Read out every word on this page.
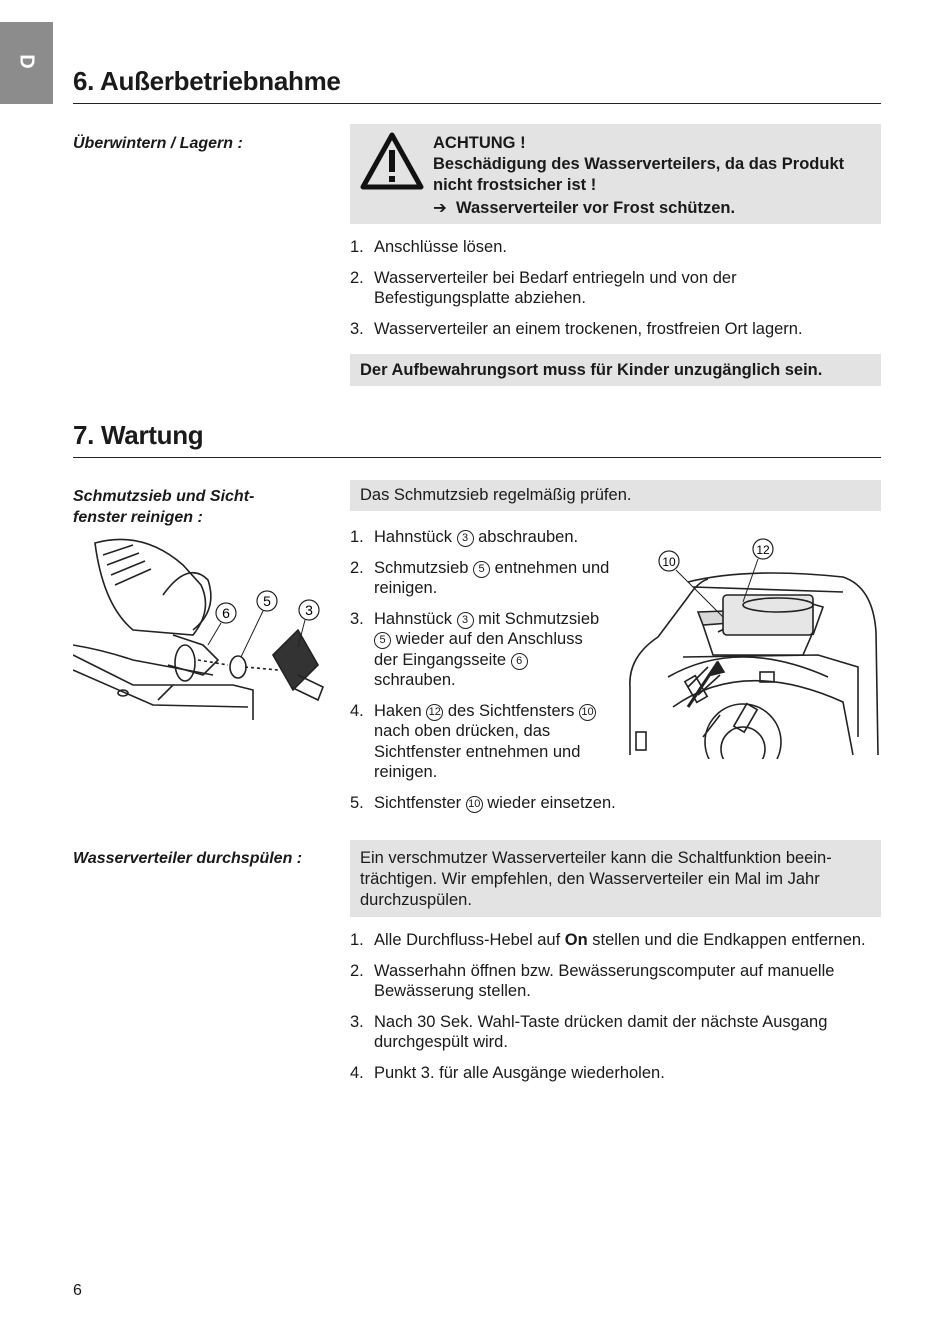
D
6. Außerbetriebnahme
Überwintern / Lagern :	ACHTUNG !
Beschädigung des Wasserverteilers, da das Produkt nicht frostsicher ist !
➔ Wasserverteiler vor Frost schützen.
1. Anschlüsse lösen.
2. Wasserverteiler bei Bedarf entriegeln und von der Befestigungsplatte abziehen.
3. Wasserverteiler an einem trockenen, frostfreien Ort lagern.
Der Aufbewahrungsort muss für Kinder unzugänglich sein.
7. Wartung
Schmutzsieb und Sicht-
fenster reinigen :
Das Schmutzsieb regelmäßig prüfen.
6
5
3
1. Hahnstück 3 abschrauben.
2. Schmutzsieb 5 entnehmen und reinigen.
3. Hahnstück 3 mit Schmutzsieb 5 wieder auf den Anschluss der Eingangsseite 6 schrauben.
4. Haken 12 des Sichtfensters 10 nach oben drücken, das Sichtfenster entnehmen und reinigen.
5. Sichtfenster 10 wieder einsetzen.
10
12
Wasserverteiler durchspülen :	Ein verschmutzer Wasserverteiler kann die Schaltfunktion beeinträchtigen. Wir empfehlen, den Wasserverteiler ein Mal im Jahr durchzuspülen.
1. Alle Durchfluss-Hebel auf On stellen und die Endkappen entfernen.
2. Wasserhahn öffnen bzw. Bewässerungscomputer auf manuelle Bewässerung stellen.
3. Nach 30 Sek. Wahl-Taste drücken damit der nächste Ausgang durchgespült wird.
4. Punkt 3. für alle Ausgänge wiederholen.
6
